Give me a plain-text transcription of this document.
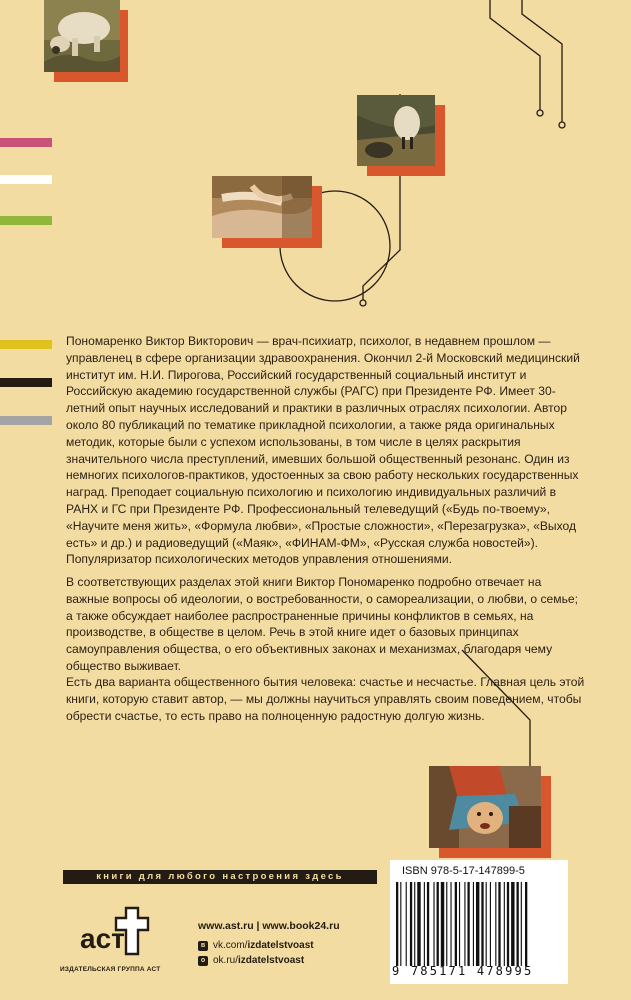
Пономаренко Виктор Викторович — врач-психиатр, психолог, в недавнем прошлом — управленец в сфере организации здравоохранения. Окончил 2-й Московский медицинский институт им. Н.И. Пирогова, Российский государственный социальный институт и Российскую академию государственной службы (РАГС) при Президенте РФ. Имеет 30-летний опыт научных исследований и практики в различных отраслях психологии. Автор около 80 публикаций по тематике прикладной психологии, а также ряда оригинальных методик, которые были с успехом использованы, в том числе в целях раскрытия значительного числа преступлений, имевших большой общественный резонанс. Один из немногих психологов-практиков, удостоенных за свою работу нескольких государственных наград. Преподает социальную психологию и психологию индивидуальных различий в РАНХ и ГС при Президенте РФ. Профессиональный телеведущий («Будь по-твоему», «Научите меня жить», «Формула любви», «Простые сложности», «Перезагрузка», «Выход есть» и др.) и радиоведущий («Маяк», «ФИНАМ-ФМ», «Русская служба новостей»). Популяризатор психологических методов управления отношениями.

В соответствующих разделах этой книги Виктор Пономаренко подробно отвечает на важные вопросы об идеологии, о востребованности, о самореализации, о любви, о семье; а также обсуждает наиболее распространенные причины конфликтов в семьях, на производстве, в обществе в целом. Речь в этой книге идет о базовых принципах самоуправления общества, о его объективных законах и механизмах, благодаря чему общество выживает.

Есть два варианта общественного бытия человека: счастье и несчастье. Главная цель этой книги, которую ставит автор, — мы должны научиться управлять своим поведением, чтобы обрести счастье, то есть право на полноценную радостную долгую жизнь.

книги для любого настроения здесь
аст
ИЗДАТЕЛЬСКАЯ ГРУППА АСТ
www.ast.ru | www.book24.ru
в vk.com/izdatelstvoast
o ok.ru/izdatelstvoast
ISBN 978-5-17-147899-5
9 785171 478995
